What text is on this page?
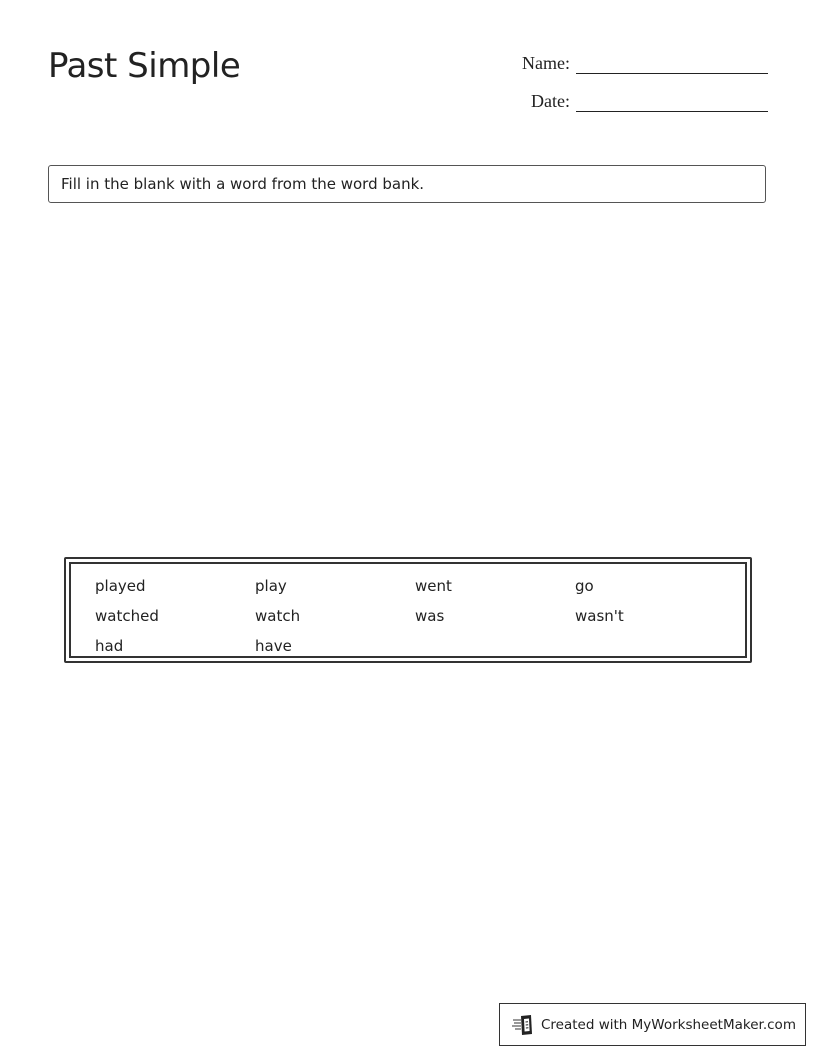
Past Simple	Name:
Date:
Fill in the blank with a word from the word bank.
played	play	went	go
watched	watch	was	wasn't
had	have
Created with MyWorksheetMaker.com
